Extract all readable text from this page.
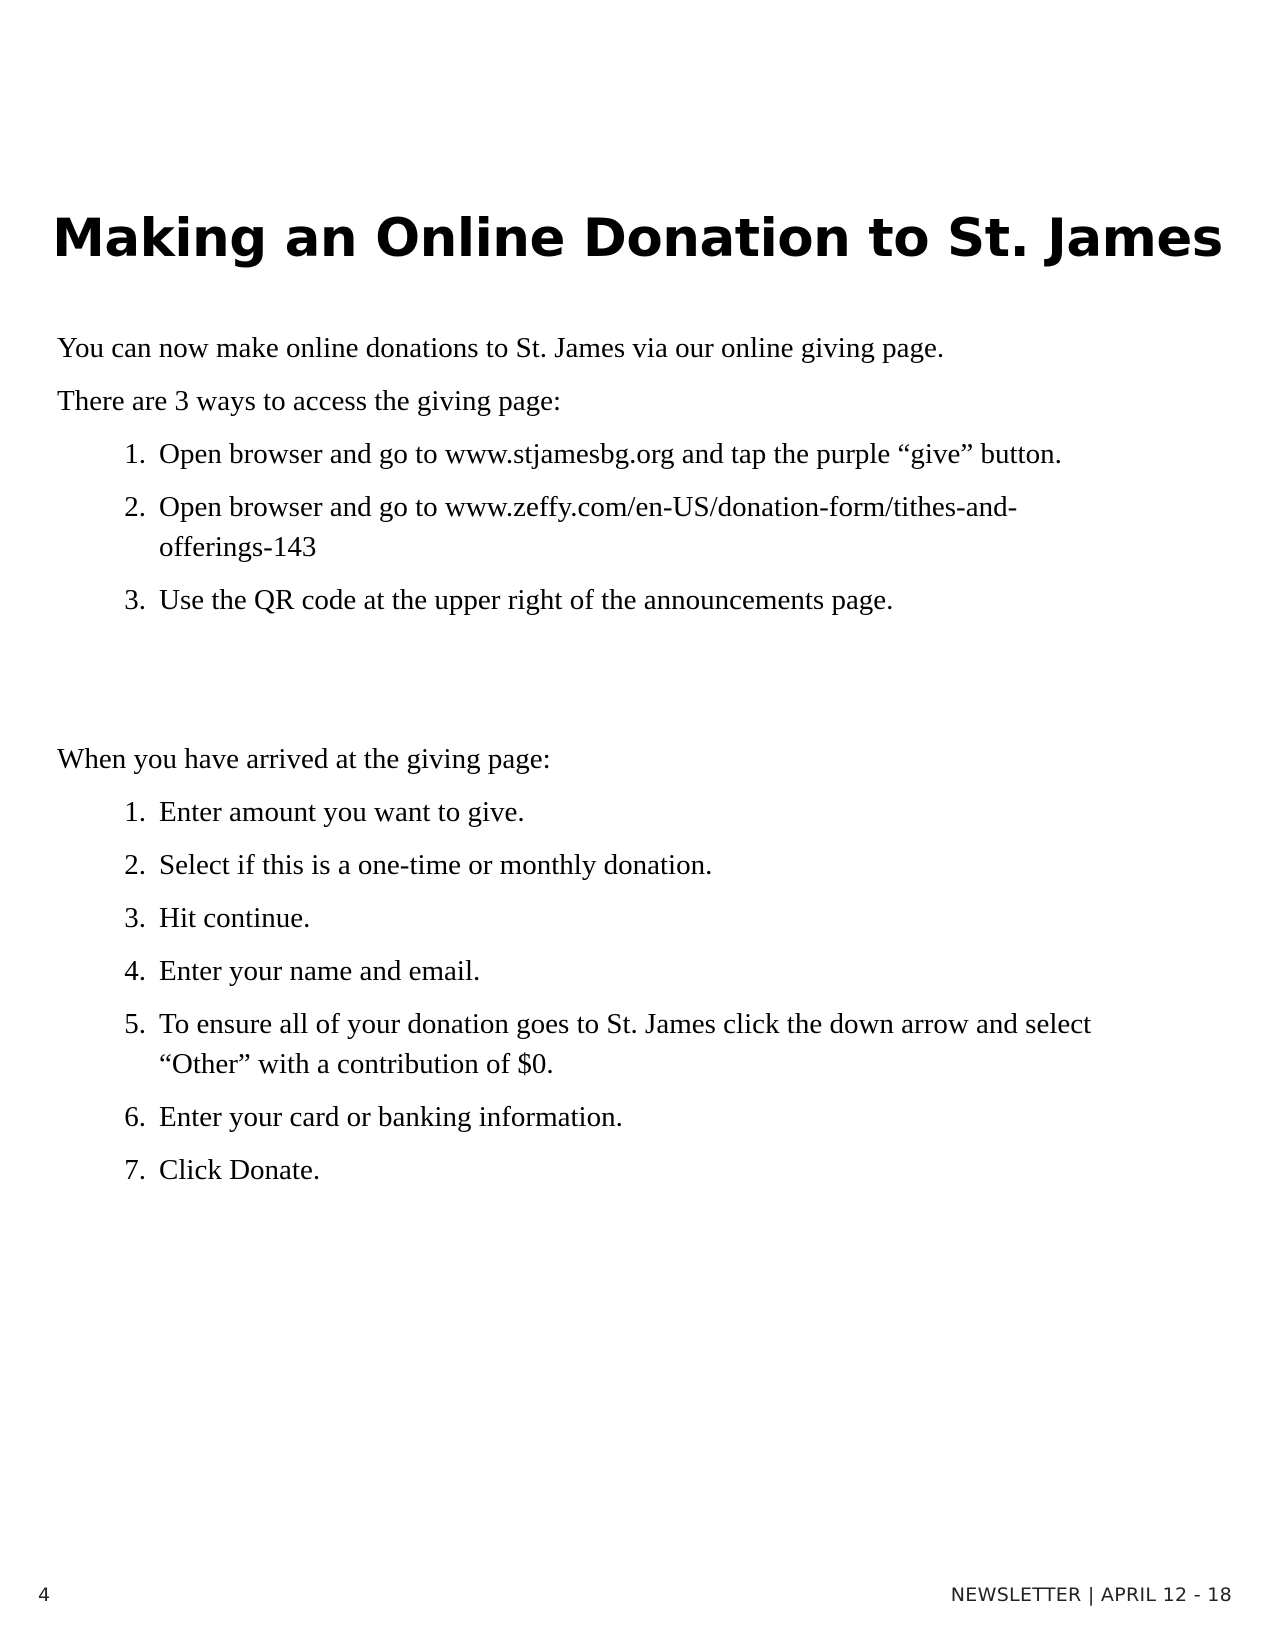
Making an Online Donation to St. James

You can now make online donations to St. James via our online giving page.

There are 3 ways to access the giving page:

1. Open browser and go to www.stjamesbg.org and tap the purple “give” button.
2. Open browser and go to www.zeffy.com/en-US/donation-form/tithes-and-offerings-143
3. Use the QR code at the upper right of the announcements page.

When you have arrived at the giving page:

1. Enter amount you want to give.
2. Select if this is a one-time or monthly donation.
3. Hit continue.
4. Enter your name and email.
5. To ensure all of your donation goes to St. James click the down arrow and select “Other” with a contribution of $0.
6. Enter your card or banking information.
7. Click Donate.
4	NEWSLETTER | APRIL 12 - 18
